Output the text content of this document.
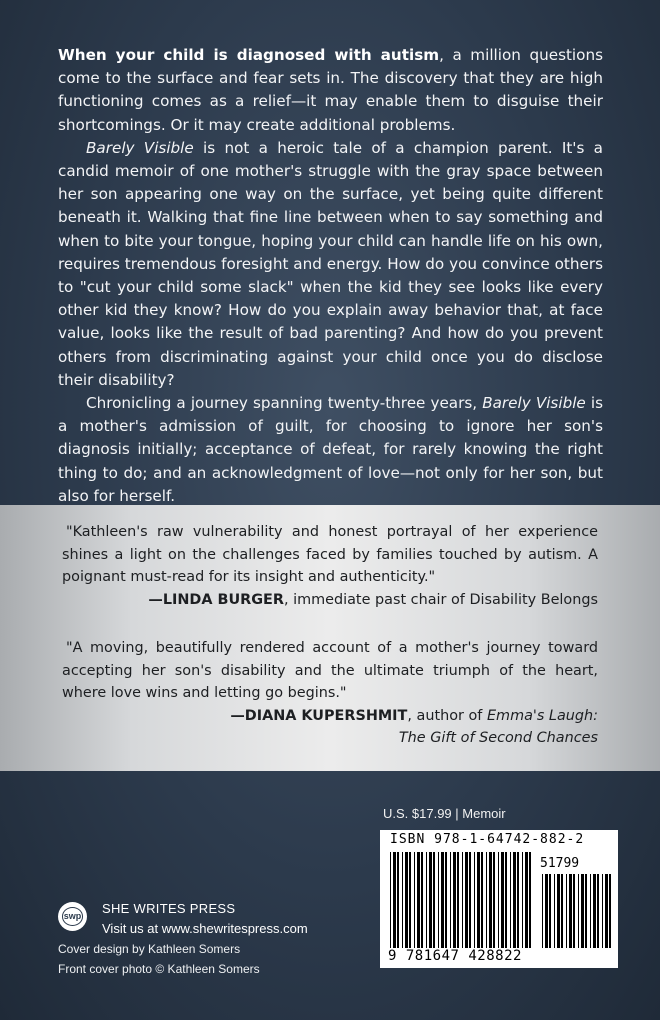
When your child is diagnosed with autism, a million questions come to the surface and fear sets in. The discovery that they are high functioning comes as a relief—it may enable them to disguise their shortcomings. Or it may create additional problems.

Barely Visible is not a heroic tale of a champion parent. It's a candid memoir of one mother's struggle with the gray space between her son appearing one way on the surface, yet being quite different beneath it. Walking that fine line between when to say something and when to bite your tongue, hoping your child can handle life on his own, requires tremendous foresight and energy. How do you convince others to "cut your child some slack" when the kid they see looks like every other kid they know? How do you explain away behavior that, at face value, looks like the result of bad parenting? And how do you prevent others from discriminating against your child once you do disclose their disability?

Chronicling a journey spanning twenty-three years, Barely Visible is a mother's admission of guilt, for choosing to ignore her son's diagnosis initially; acceptance of defeat, for rarely knowing the right thing to do; and an acknowledgment of love—not only for her son, but also for herself.

"Kathleen's raw vulnerability and honest portrayal of her experience shines a light on the challenges faced by families touched by autism. A poignant must-read for its insight and authenticity."
—LINDA BURGER, immediate past chair of Disability Belongs
"A moving, beautifully rendered account of a mother's journey toward accepting her son's disability and the ultimate triumph of the heart, where love wins and letting go begins."
—DIANA KUPERSHMIT, author of Emma's Laugh:
The Gift of Second Chances
U.S. $17.99 | Memoir
ISBN 978-1-64742-882-2
51799
9 781647 428822
swp SHE WRITES PRESS
Visit us at www.shewritespress.com
Cover design by Kathleen Somers
Front cover photo © Kathleen Somers
